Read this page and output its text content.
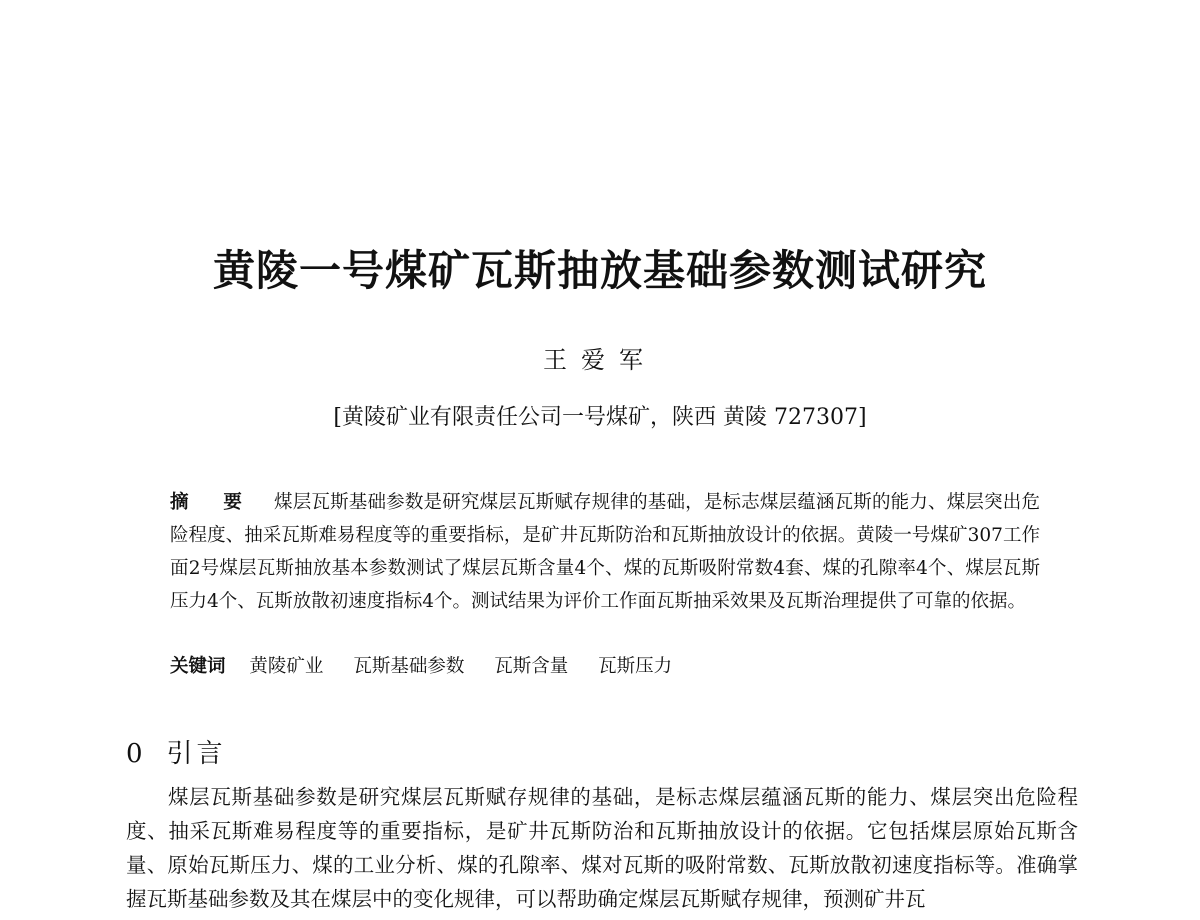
黄陵一号煤矿瓦斯抽放基础参数测试研究
王爱军
[黄陵矿业有限责任公司一号煤矿，陕西 黄陵 727307]
摘 要 煤层瓦斯基础参数是研究煤层瓦斯赋存规律的基础，是标志煤层蕴涵瓦斯的能力、煤层突出危险程度、抽采瓦斯难易程度等的重要指标，是矿井瓦斯防治和瓦斯抽放设计的依据。黄陵一号煤矿307工作面2号煤层瓦斯抽放基本参数测试了煤层瓦斯含量4个、煤的瓦斯吸附常数4套、煤的孔隙率4个、煤层瓦斯压力4个、瓦斯放散初速度指标4个。测试结果为评价工作面瓦斯抽采效果及瓦斯治理提供了可靠的依据。
关键词 黄陵矿业 瓦斯基础参数 瓦斯含量 瓦斯压力
0 引言
煤层瓦斯基础参数是研究煤层瓦斯赋存规律的基础，是标志煤层蕴涵瓦斯的能力、煤层突出危险程度、抽采瓦斯难易程度等的重要指标，是矿井瓦斯防治和瓦斯抽放设计的依据。它包括煤层原始瓦斯含量、原始瓦斯压力、煤的工业分析、煤的孔隙率、煤对瓦斯的吸附常数、瓦斯放散初速度指标等。准确掌握瓦斯基础参数及其在煤层中的变化规律，可以帮助确定煤层瓦斯赋存规律，预测矿井瓦
